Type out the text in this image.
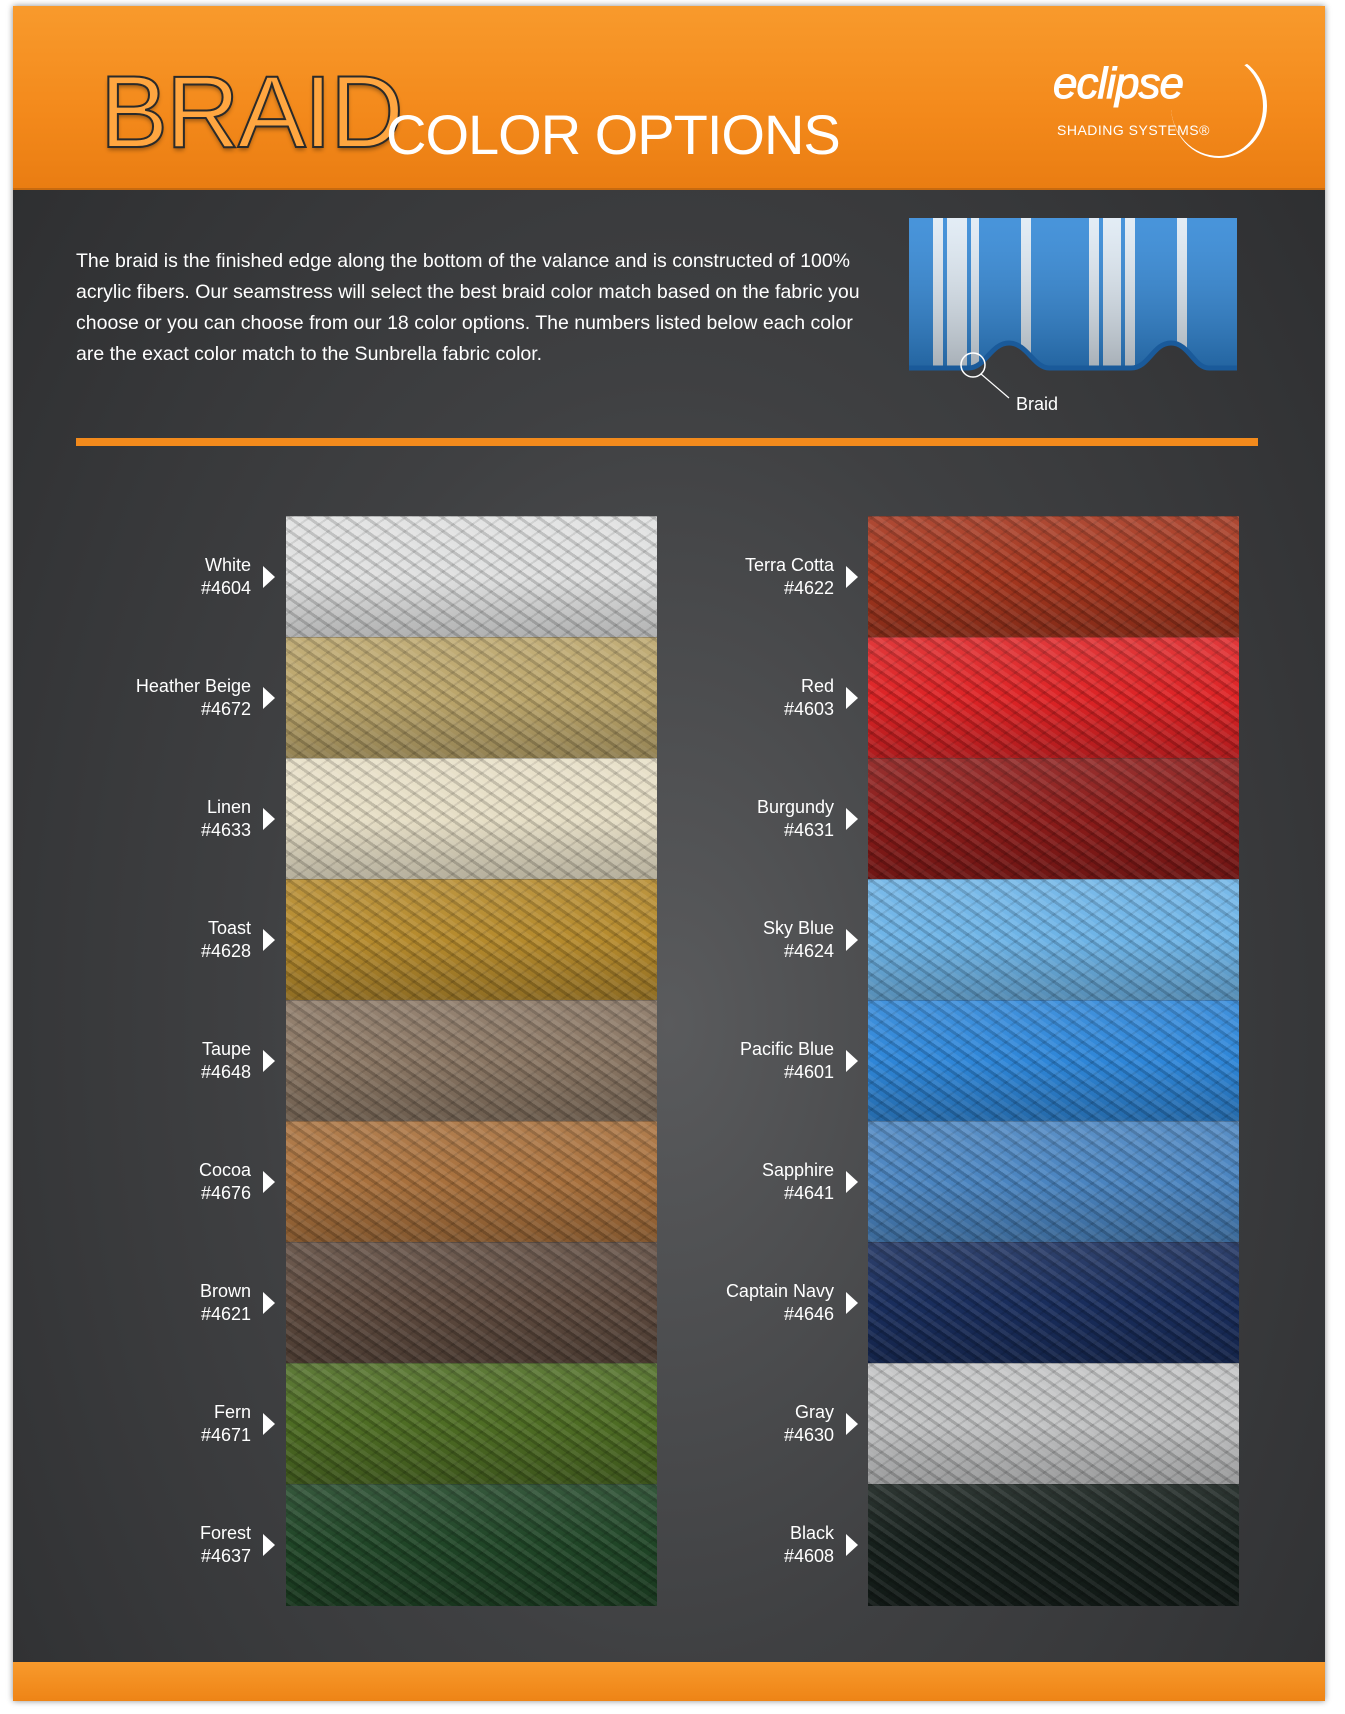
BRAID
COLOR OPTIONS
eclipse
SHADING SYSTEMS®
The braid is the finished edge along the bottom of the valance and is constructed of 100% acrylic fibers. Our seamstress will select the best braid color match based on the fabric you choose or you can choose from our 18 color options. The numbers listed below each color are the exact color match to the Sunbrella fabric color.
Braid
White
#4604
Heather Beige
#4672
Linen
#4633
Toast
#4628
Taupe
#4648
Cocoa
#4676
Brown
#4621
Fern
#4671
Forest
#4637
Terra Cotta
#4622
Red
#4603
Burgundy
#4631
Sky Blue
#4624
Pacific Blue
#4601
Sapphire
#4641
Captain Navy
#4646
Gray
#4630
Black
#4608
